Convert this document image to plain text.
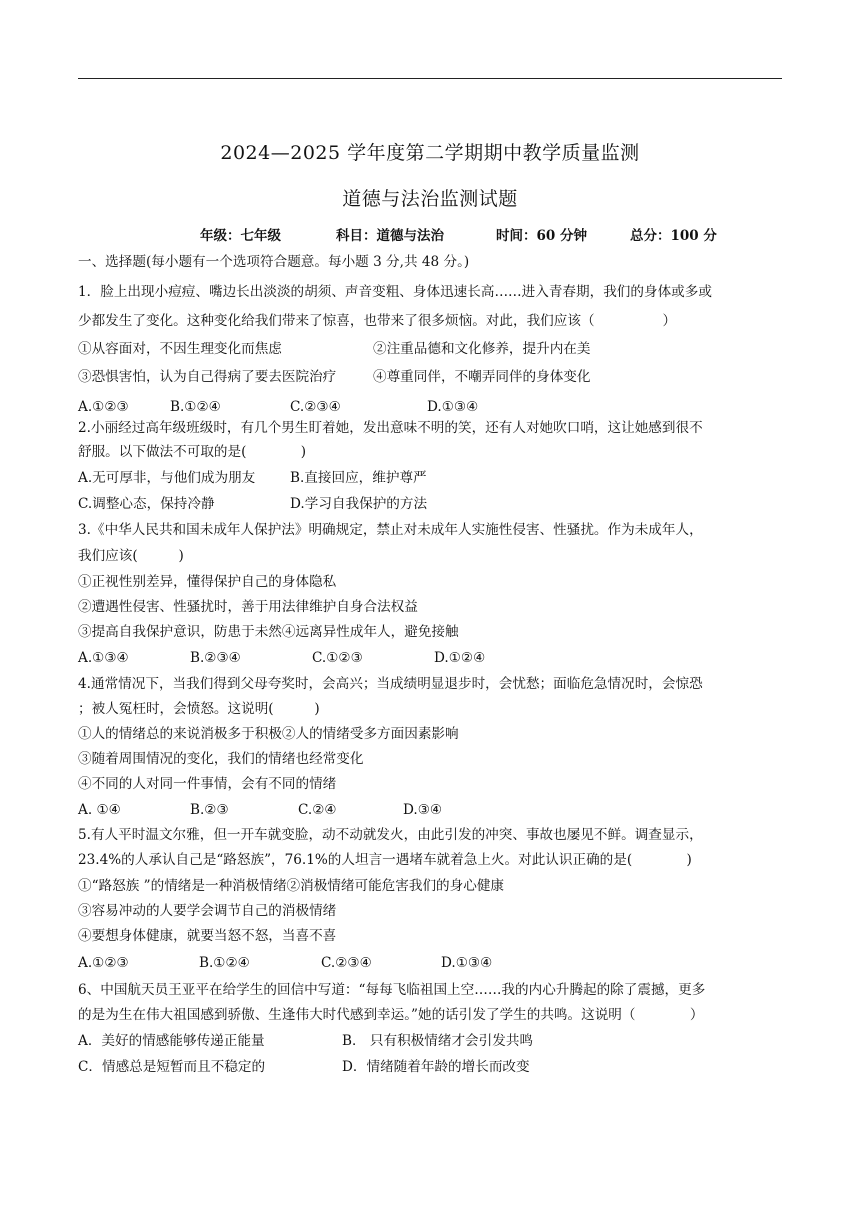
2024—2025 学年度第二学期期中教学质量监测
道德与法治监测试题
年级：七年级	科目：道德与法治	时间：60 分钟	总分：100 分
一、选择题(每小题有一个选项符合题意。每小题 3 分,共 48 分。)
1．脸上出现小痘痘、嘴边长出淡淡的胡须、声音变粗、身体迅速长高……进入青春期，我们的身体或多或
少都发生了变化。这种变化给我们带来了惊喜，也带来了很多烦恼。对此，我们应该（　　　　　）
①从容面对，不因生理变化而焦虑	②注重品德和文化修养，提升内在美
③恐惧害怕，认为自己得病了要去医院治疗	④尊重同伴，不嘲弄同伴的身体变化
A.①②③	B.①②④	C.②③④	D.①③④
2.小丽经过高年级班级时，有几个男生盯着她，发出意味不明的笑，还有人对她吹口哨，这让她感到很不
舒服。以下做法不可取的是(　　　　)
A.无可厚非，与他们成为朋友	B.直接回应，维护尊严
C.调整心态，保持冷静	D.学习自我保护的方法
3.《中华人民共和国未成年人保护法》明确规定，禁止对未成年人实施性侵害、性骚扰。作为未成年人，
我们应该(　　　)
①正视性别差异，懂得保护自己的身体隐私
②遭遇性侵害、性骚扰时，善于用法律维护自身合法权益
③提高自我保护意识，防患于未然④远离异性成年人，避免接触
A.①③④	B.②③④	C.①②③	D.①②④
4.通常情况下，当我们得到父母夸奖时，会高兴；当成绩明显退步时，会忧愁；面临危急情况时，会惊恐
；被人冤枉时，会愤怒。这说明(　　　)
①人的情绪总的来说消极多于积极②人的情绪受多方面因素影响
③随着周围情况的变化，我们的情绪也经常变化
④不同的人对同一件事情，会有不同的情绪
A. ①④	B.②③	C.②④	D.③④
5.有人平时温文尔雅，但一开车就变脸，动不动就发火，由此引发的冲突、事故也屡见不鲜。调查显示，
23.4%的人承认自己是“路怒族”，76.1%的人坦言一遇堵车就着急上火。对此认识正确的是(　　　　)
①“路怒族 ”的情绪是一种消极情绪②消极情绪可能危害我们的身心健康
③容易冲动的人要学会调节自己的消极情绪
④要想身体健康，就要当怒不怒，当喜不喜
A.①②③	B.①②④	C.②③④	D.①③④
6、中国航天员王亚平在给学生的回信中写道：“每每飞临祖国上空……我的内心升腾起的除了震撼，更多
的是为生在伟大祖国感到骄傲、生逢伟大时代感到幸运。”她的话引发了学生的共鸣。这说明（　　　　）
A．美好的情感能够传递正能量	B． 只有积极情绪才会引发共鸣
C．情感总是短暂而且不稳定的	D．情绪随着年龄的增长而改变
